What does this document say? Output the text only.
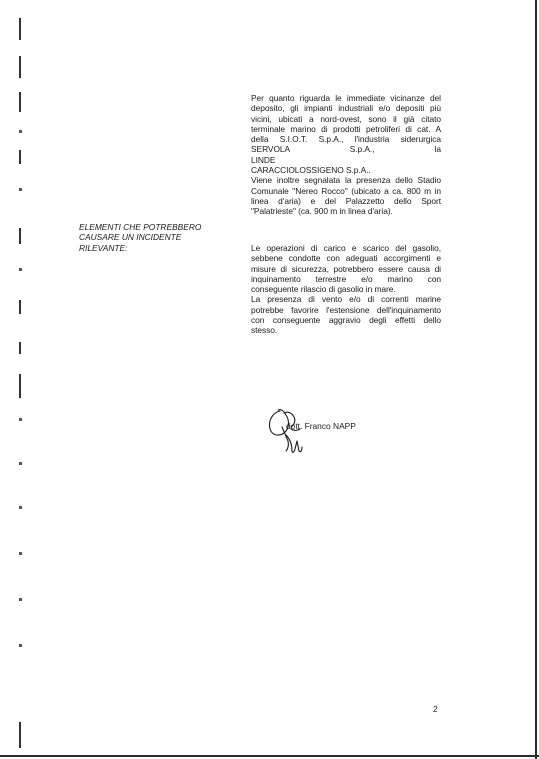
Per quanto riguarda le immediate vicinanze del
deposito, gli impianti industriali e/o depositi più
vicini, ubicati a nord-ovest, sono il già citato
terminale marino di prodotti petroliferi di cat. A
della S.I.O.T. S.p.A., l'industria siderurgica
SERVOLA S.p.A., la LINDE
CARACCIOLOSSIGENO S.p.A..
Viene inoltre segnalata la presenza dello Stadio
Comunale "Nereo Rocco" (ubicato a ca. 800 m in
linea d'aria) e del Palazzetto dello Sport
"Palatrieste" (ca. 900 m in linea d'aria).
ELEMENTI CHE POTREBBERO
CAUSARE UN INCIDENTE
RILEVANTE:	Le operazioni di carico e scarico del gasolio,
sebbene condotte con adeguati accorgimenti e
misure di sicurezza, potrebbero essere causa di
inquinamento terrestre e/o marino con
conseguente rilascio di gasolio in mare.
La presenza di vento e/o di correnti marine
potrebbe favorire l'estensione dell'inquinamento
con conseguente aggravio degli effetti dello
stesso.
dott. Franco NAPP
2
